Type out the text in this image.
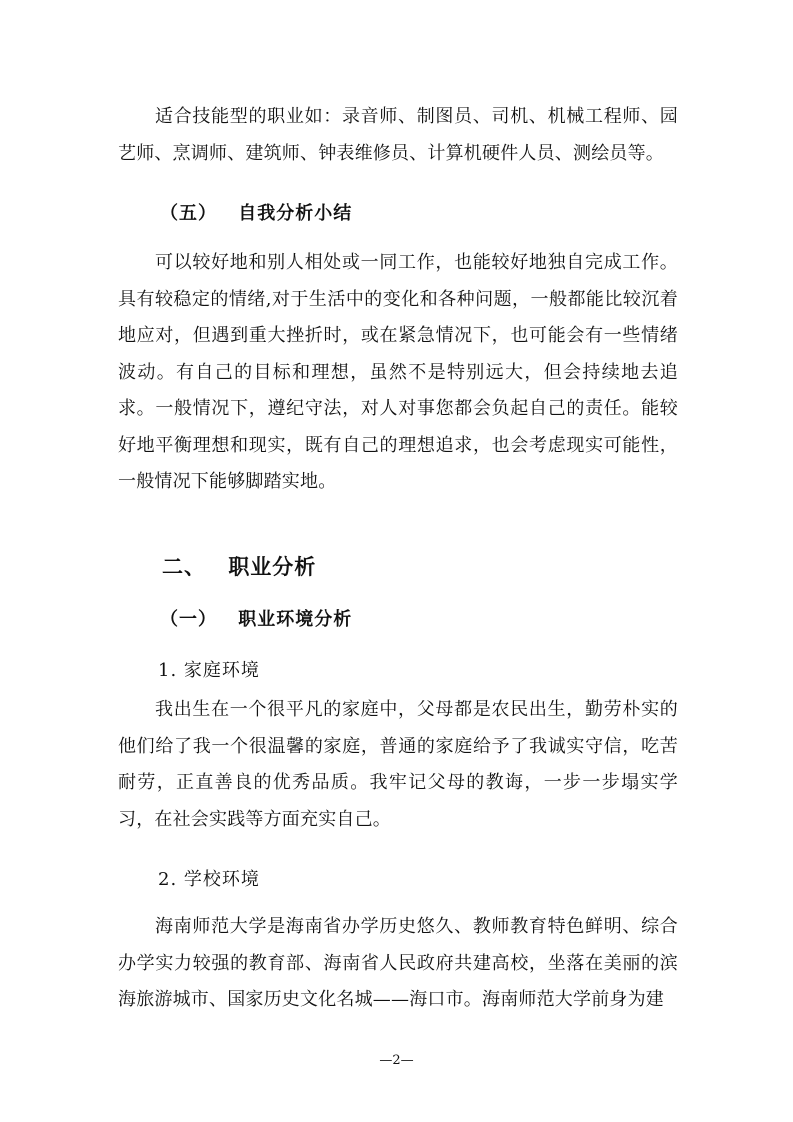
适合技能型的职业如：录音师、制图员、司机、机械工程师、园艺师、烹调师、建筑师、钟表维修员、计算机硬件人员、测绘员等。

（五） 自我分析小结

可以较好地和别人相处或一同工作，也能较好地独自完成工作。具有较稳定的情绪,对于生活中的变化和各种问题，一般都能比较沉着地应对，但遇到重大挫折时，或在紧急情况下，也可能会有一些情绪波动。有自己的目标和理想，虽然不是特别远大，但会持续地去追求。一般情况下，遵纪守法，对人对事您都会负起自己的责任。能较好地平衡理想和现实，既有自己的理想追求，也会考虑现实可能性，一般情况下能够脚踏实地。

二、 职业分析
（一） 职业环境分析

1. 家庭环境

我出生在一个很平凡的家庭中，父母都是农民出生，勤劳朴实的他们给了我一个很温馨的家庭，普通的家庭给予了我诚实守信，吃苦耐劳，正直善良的优秀品质。我牢记父母的教诲，一步一步塌实学习，在社会实践等方面充实自己。

2. 学校环境

海南师范大学是海南省办学历史悠久、教师教育特色鲜明、综合办学实力较强的教育部、海南省人民政府共建高校，坐落在美丽的滨海旅游城市、国家历史文化名城——海口市。海南师范大学前身为建

—2—
